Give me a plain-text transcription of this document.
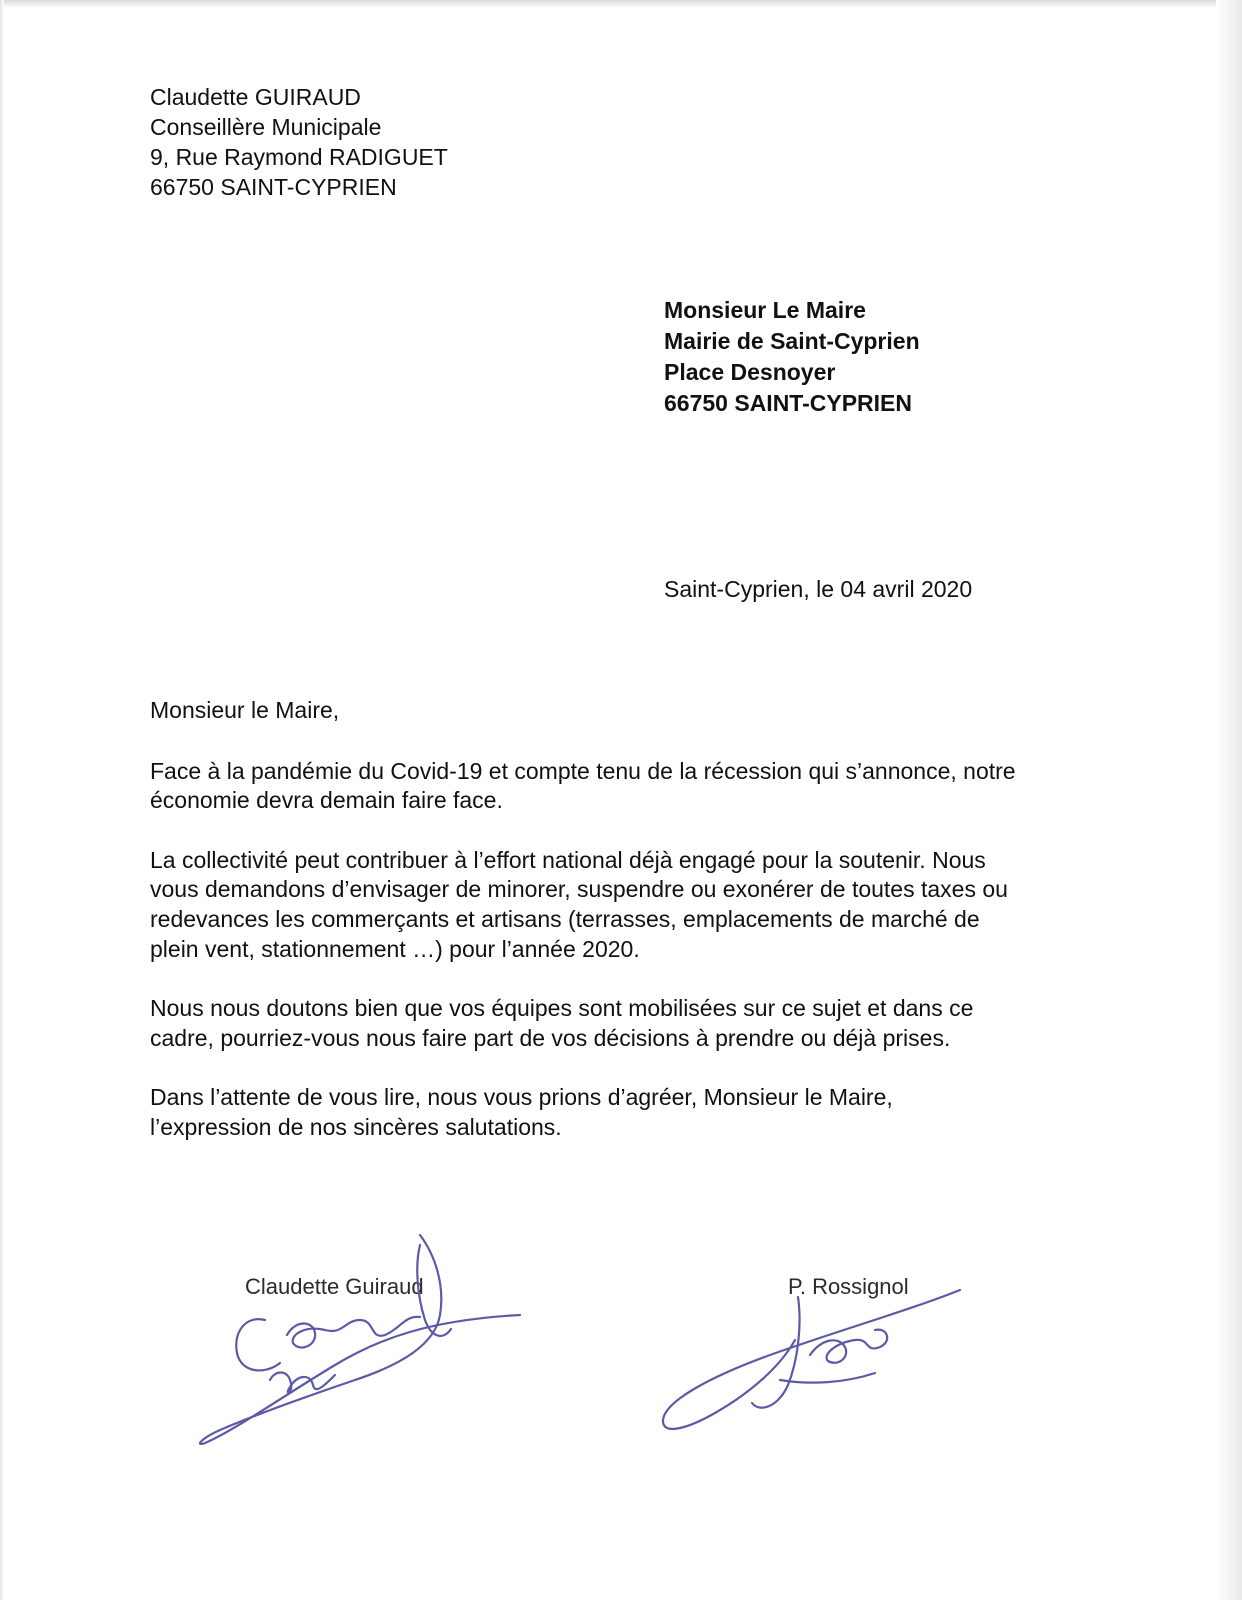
Claudette GUIRAUD
Conseillère Municipale
9, Rue Raymond RADIGUET
66750 SAINT-CYPRIEN
Monsieur Le Maire
Mairie de Saint-Cyprien
Place Desnoyer
66750 SAINT-CYPRIEN
Saint-Cyprien, le 04 avril 2020

Monsieur le Maire,

Face à la pandémie du Covid-19 et compte tenu de la récession qui s’annonce, notre
économie devra demain faire face.

La collectivité peut contribuer à l’effort national déjà engagé pour la soutenir. Nous
vous demandons d’envisager de minorer, suspendre ou exonérer de toutes taxes ou
redevances les commerçants et artisans (terrasses, emplacements de marché de
plein vent, stationnement …) pour l’année 2020.

Nous nous doutons bien que vos équipes sont mobilisées sur ce sujet et dans ce
cadre, pourriez-vous nous faire part de vos décisions à prendre ou déjà prises.

Dans l’attente de vous lire, nous vous prions d’agréer, Monsieur le Maire,
l’expression de nos sincères salutations.

Claudette Guiraud	P. Rossignol
